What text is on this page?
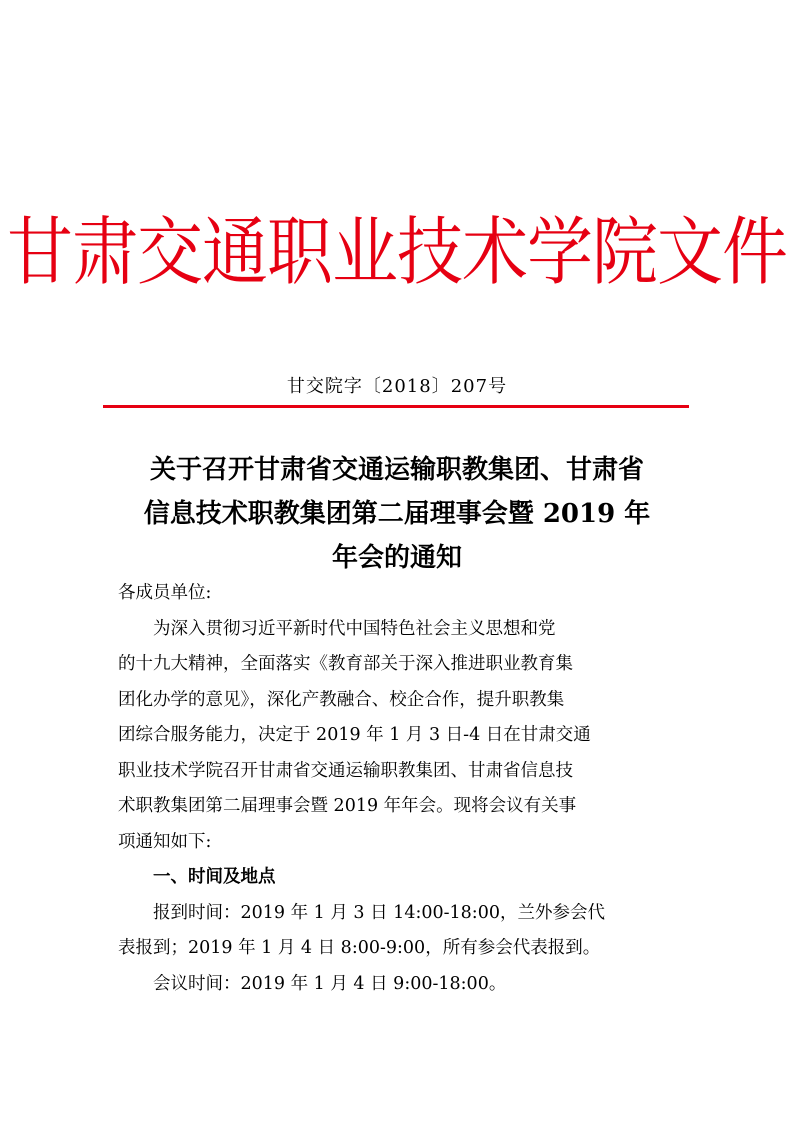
甘肃交通职业技术学院文件
甘交院字〔2018〕207号
关于召开甘肃省交通运输职教集团、甘肃省
信息技术职教集团第二届理事会暨 2019 年
年会的通知

各成员单位:

为深入贯彻习近平新时代中国特色社会主义思想和党
的十九大精神，全面落实《教育部关于深入推进职业教育集
团化办学的意见》，深化产教融合、校企合作，提升职教集
团综合服务能力，决定于 2019 年 1 月 3 日-4 日在甘肃交通
职业技术学院召开甘肃省交通运输职教集团、甘肃省信息技
术职教集团第二届理事会暨 2019 年年会。现将会议有关事
项通知如下:

一、时间及地点

报到时间：2019 年 1 月 3 日 14:00-18:00，兰外参会代
表报到；2019 年 1 月 4 日 8:00-9:00，所有参会代表报到。

会议时间：2019 年 1 月 4 日 9:00-18:00。
